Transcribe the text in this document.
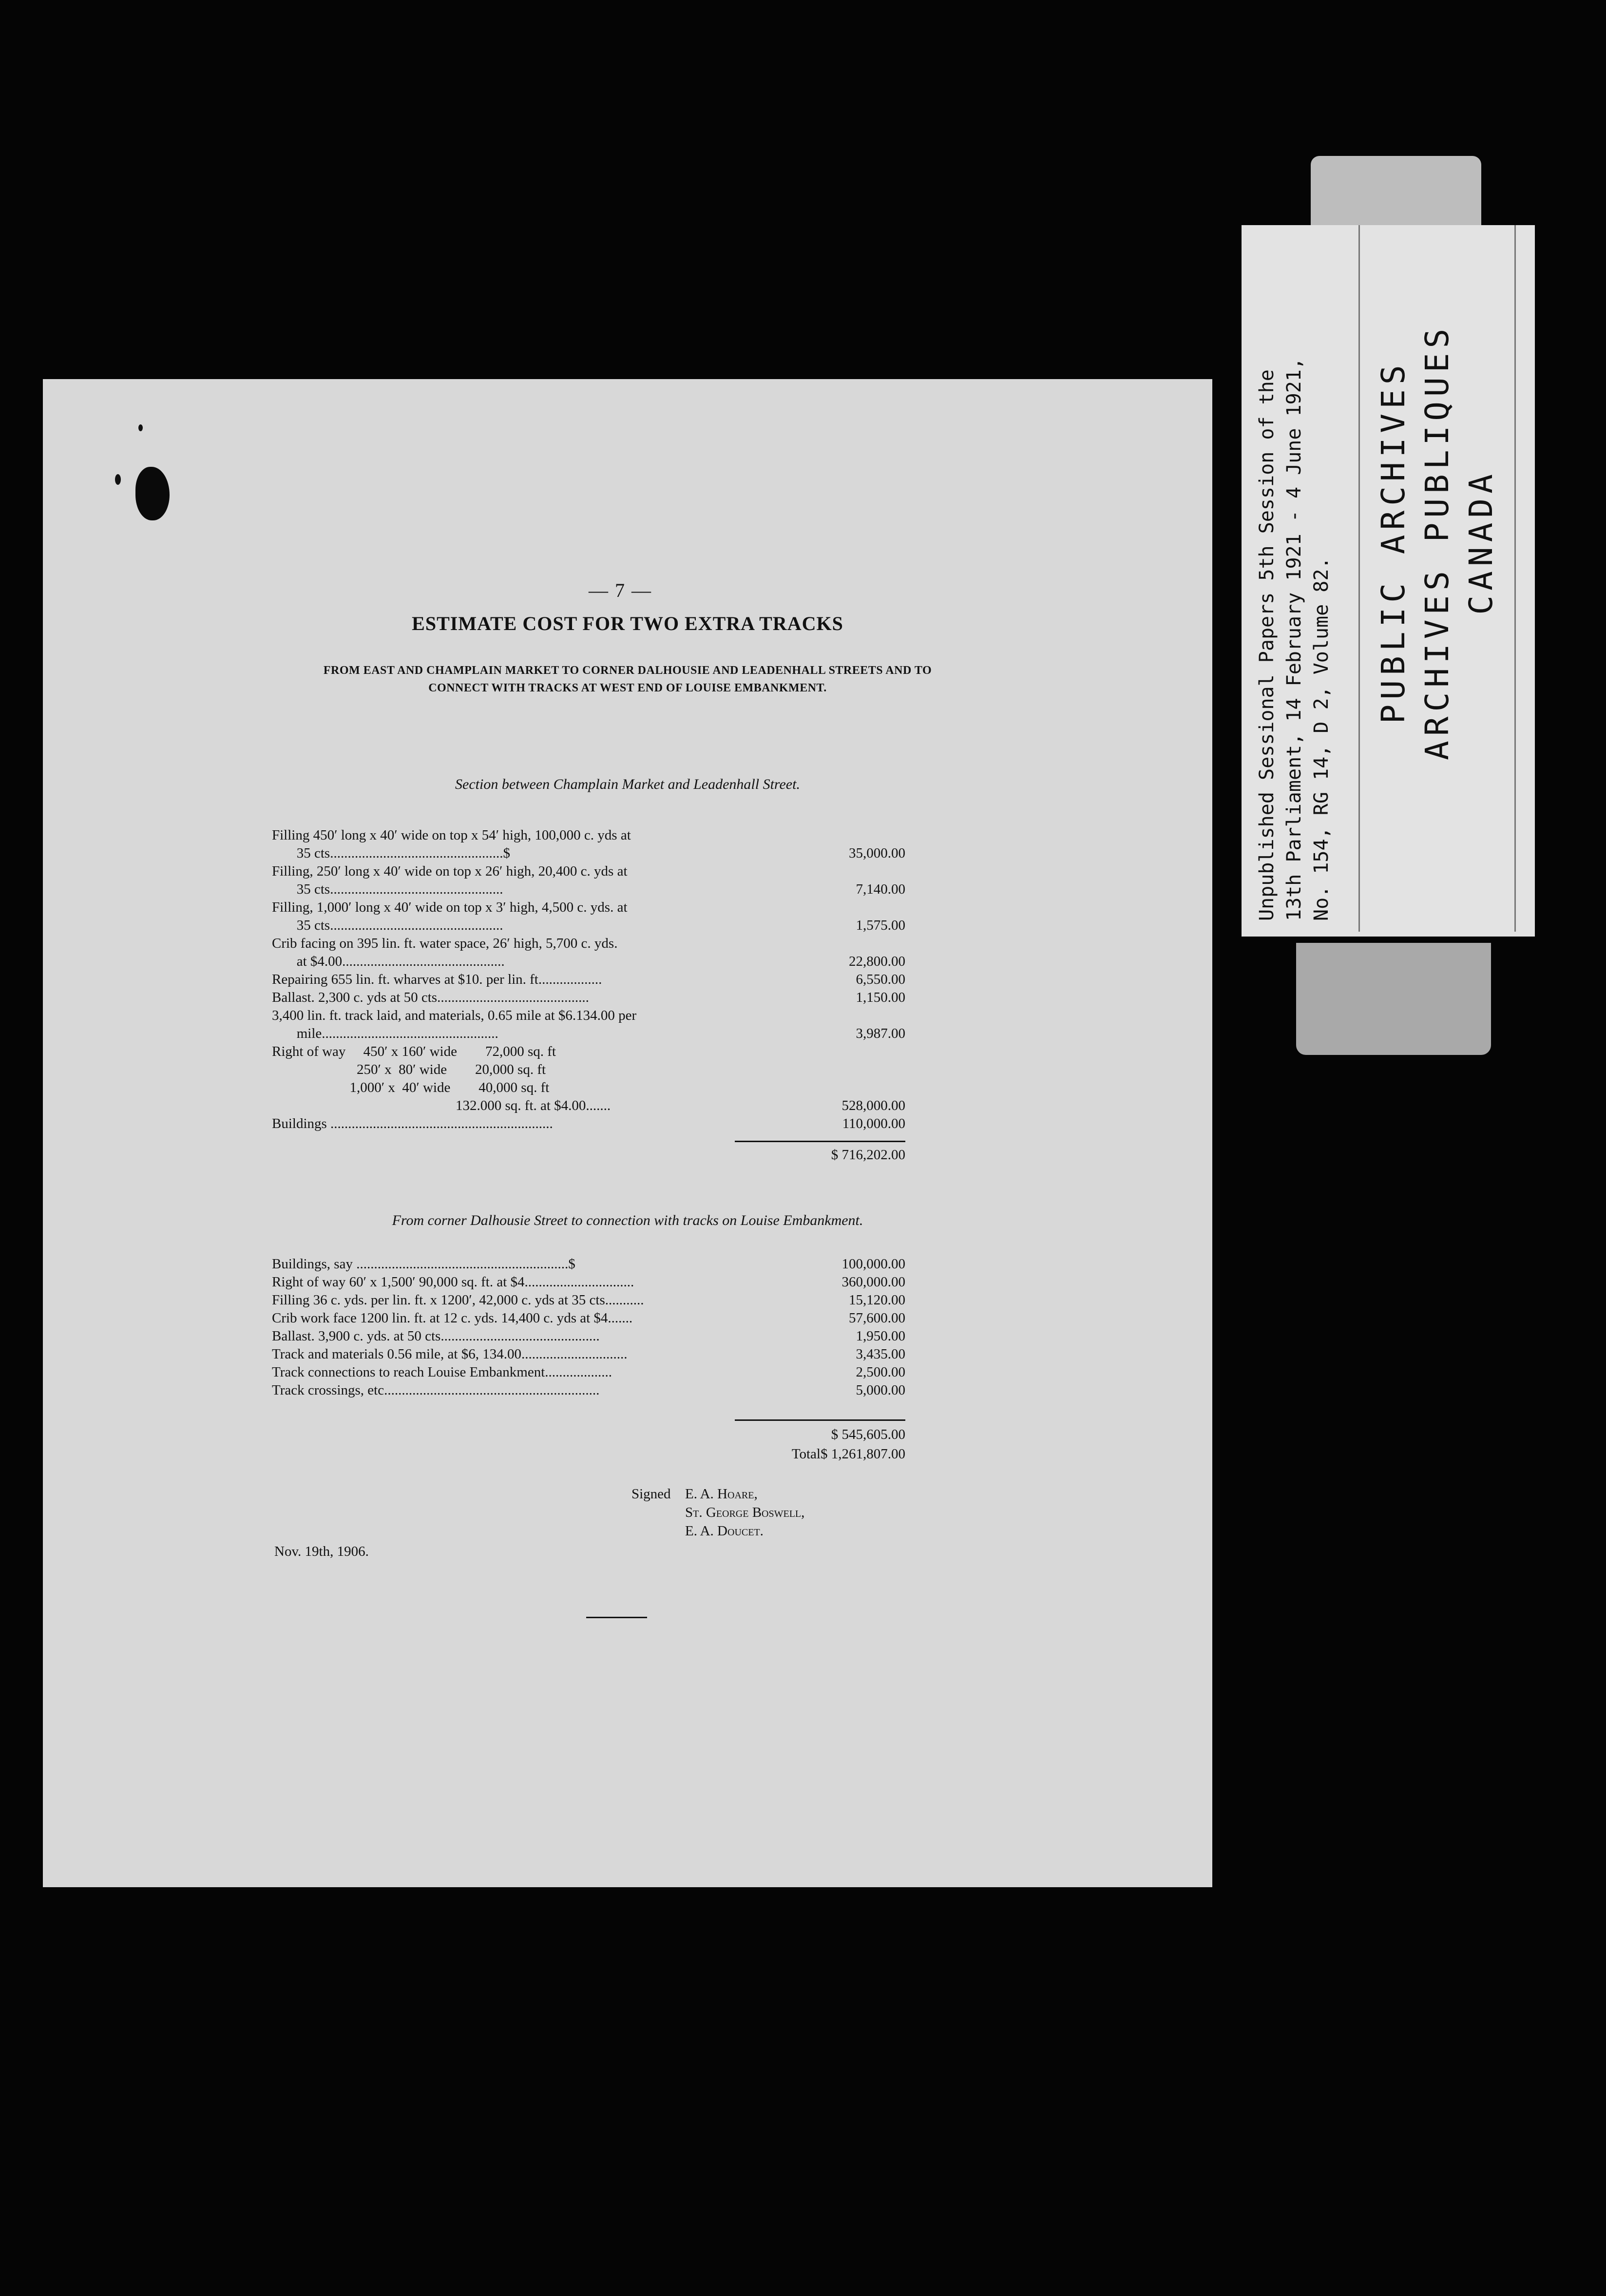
— 7 —
ESTIMATE COST FOR TWO EXTRA TRACKS
FROM EAST AND CHAMPLAIN MARKET TO CORNER DALHOUSIE AND LEADENHALL STREETS AND TO
CONNECT WITH TRACKS AT WEST END OF LOUISE EMBANKMENT.
Section between Champlain Market and Leadenhall Street.
Filling 450′ long x 40′ wide on top x 54′ high, 100,000 c. yds at
35 cts.................................................$	35,000.00
Filling, 250′ long x 40′ wide on top x 26′ high, 20,400 c. yds at
35 cts.................................................	7,140.00
Filling, 1,000′ long x 40′ wide on top x 3′ high, 4,500 c. yds. at
35 cts.................................................	1,575.00
Crib facing on 395 lin. ft. water space, 26′ high, 5,700 c. yds.
at $4.00..............................................	22,800.00
Repairing 655 lin. ft. wharves at $10. per lin. ft..................	6,550.00
Ballast. 2,300 c. yds at 50 cts...........................................	1,150.00
3,400 lin. ft. track laid, and materials, 0.65 mile at $6.134.00 per
mile..................................................	3,987.00
Right of way     450′ x 160′ wide        72,000 sq. ft
250′ x  80′ wide        20,000 sq. ft
1,000′ x  40′ wide        40,000 sq. ft
132.000 sq. ft. at $4.00.......	528,000.00
Buildings ...............................................................	110,000.00
$ 716,202.00
From corner Dalhousie Street to connection with tracks on Louise Embankment.
Buildings, say ............................................................$	100,000.00
Right of way 60′ x 1,500′ 90,000 sq. ft. at $4...............................	360,000.00
Filling 36 c. yds. per lin. ft. x 1200′, 42,000 c. yds at 35 cts...........	15,120.00
Crib work face 1200 lin. ft. at 12 c. yds. 14,400 c. yds at $4.......	57,600.00
Ballast. 3,900 c. yds. at 50 cts.............................................	1,950.00
Track and materials 0.56 mile, at $6, 134.00..............................	3,435.00
Track connections to reach Louise Embankment...................	2,500.00
Track crossings, etc.............................................................	5,000.00
$ 545,605.00
Total$ 1,261,807.00
Signed E. A. Hoare,
St. George Boswell,
E. A. Doucet.
Nov. 19th, 1906.
Unpublished Sessional Papers 5th Session of the 13th Parliament, 14 February 1921 - 4 June 1921, No. 154, RG 14, D 2, Volume 82.
PUBLIC ARCHIVES ARCHIVES PUBLIQUES CANADA
